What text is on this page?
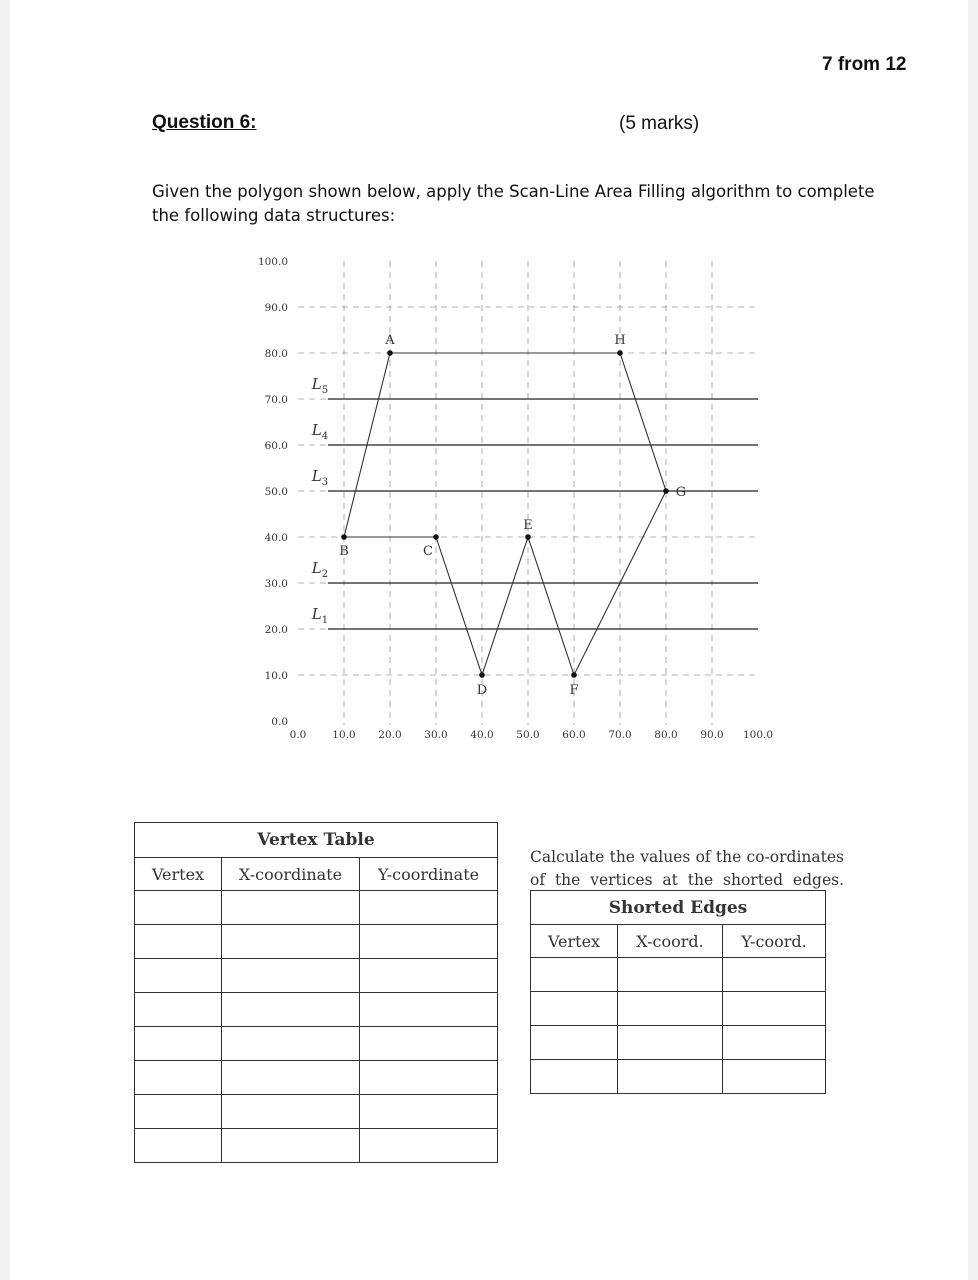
7 from 12
Question 6:	(5 marks)
Given the polygon shown below, apply the Scan-Line Area Filling algorithm to complete the following data structures:
0.0
10.0
20.0
30.0
40.0
50.0
60.0
70.0
80.0
90.0
100.0
0.0 10.0 20.0 30.0 40.0 50.0 60.0 70.0 80.0 90.0 100.0
$L_1$
$L_2$
$L_3$
$L_4$
$L_5$
A
B	C
D
E
F
G
H
Vertex Table		
Vertex	X-coordinate	Y-coordinate

Calculate the values of the co-ordinates of the vertices at the shorted edges.
Shorted Edges		
Vertex	X-coord.	Y-coord.
